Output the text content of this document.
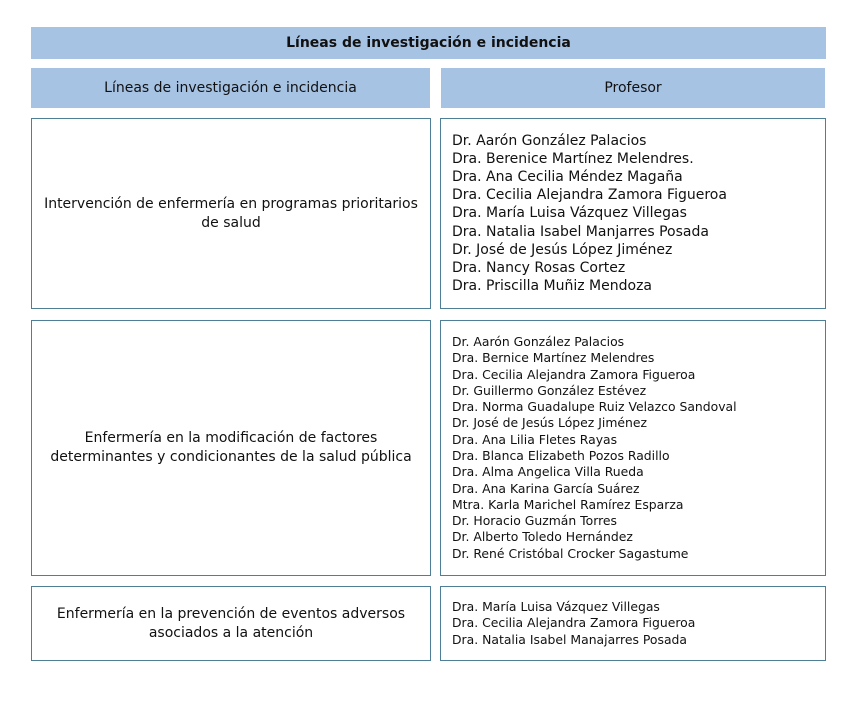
Líneas de investigación e incidencia
Líneas de investigación e incidencia	Profesor
Intervención de enfermería en programas prioritarios de salud
Dr. Aarón González Palacios
Dra. Berenice Martínez Melendres.
Dra. Ana Cecilia Méndez Magaña
Dra. Cecilia Alejandra Zamora Figueroa
Dra. María Luisa Vázquez Villegas
Dra. Natalia Isabel Manjarres Posada
Dr. José de Jesús López Jiménez
Dra. Nancy Rosas Cortez
Dra. Priscilla Muñiz Mendoza
Enfermería en la modificación de factores determinantes y condicionantes de la salud pública
Dr. Aarón González Palacios
Dra. Bernice Martínez Melendres
Dra. Cecilia Alejandra Zamora Figueroa
Dr. Guillermo González Estévez
Dra. Norma Guadalupe Ruiz Velazco Sandoval
Dr. José de Jesús López Jiménez
Dra. Ana Lilia Fletes Rayas
Dra. Blanca Elizabeth Pozos Radillo
Dra. Alma Angelica Villa Rueda
Dra. Ana Karina García Suárez
Mtra. Karla Marichel Ramírez Esparza
Dr. Horacio Guzmán Torres
Dr. Alberto Toledo Hernández
Dr. René Cristóbal Crocker Sagastume
Enfermería en la prevención de eventos adversos asociados a la atención
Dra. María Luisa Vázquez Villegas
Dra. Cecilia Alejandra Zamora Figueroa
Dra. Natalia Isabel Manajarres Posada
